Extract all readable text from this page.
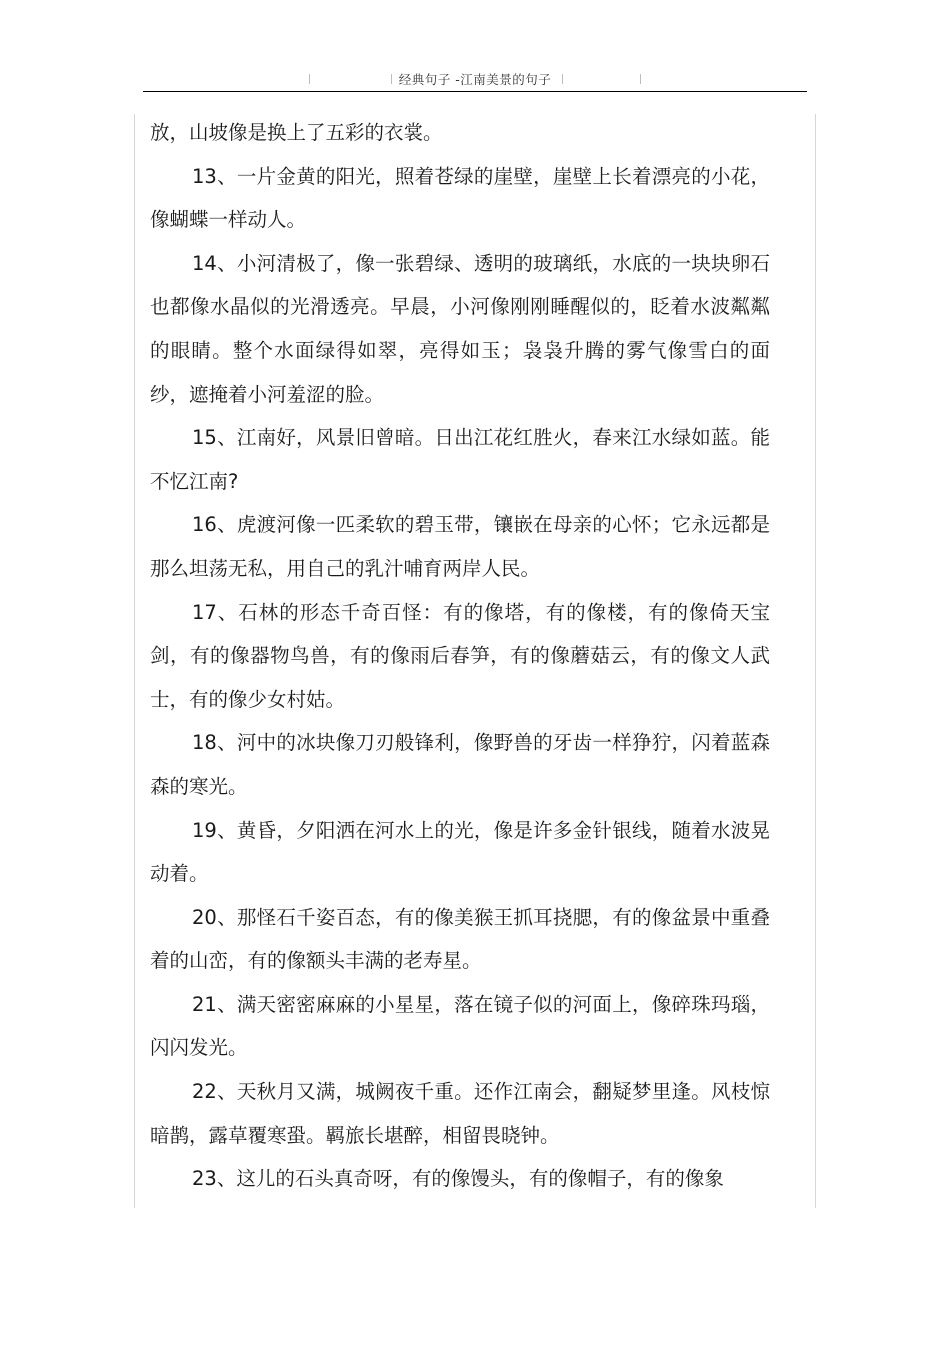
经典句子 -江南美景的句子

放，山坡像是换上了五彩的衣裳。

13、一片金黄的阳光，照着苍绿的崖壁，崖壁上长着漂亮的小花，像蝴蝶一样动人。

14、小河清极了，像一张碧绿、透明的玻璃纸，水底的一块块卵石也都像水晶似的光滑透亮。早晨，小河像刚刚睡醒似的，眨着水波粼粼的眼睛。整个水面绿得如翠，亮得如玉；袅袅升腾的雾气像雪白的面纱，遮掩着小河羞涩的脸。

15、江南好，风景旧曾暗。日出江花红胜火，春来江水绿如蓝。能不忆江南?

16、虎渡河像一匹柔软的碧玉带，镶嵌在母亲的心怀；它永远都是那么坦荡无私，用自己的乳汁哺育两岸人民。

17、石林的形态千奇百怪：有的像塔，有的像楼，有的像倚天宝剑，有的像器物鸟兽，有的像雨后春笋，有的像蘑菇云，有的像文人武士，有的像少女村姑。

18、河中的冰块像刀刃般锋利，像野兽的牙齿一样狰狞，闪着蓝森森的寒光。

19、黄昏，夕阳洒在河水上的光，像是许多金针银线，随着水波晃动着。

20、那怪石千姿百态，有的像美猴王抓耳挠腮，有的像盆景中重叠着的山峦，有的像额头丰满的老寿星。

21、满天密密麻麻的小星星，落在镜子似的河面上，像碎珠玛瑙，闪闪发光。

22、天秋月又满，城阙夜千重。还作江南会，翻疑梦里逢。风枝惊暗鹊，露草覆寒蛩。羁旅长堪醉，相留畏晓钟。

23、这儿的石头真奇呀，有的像馒头，有的像帽子，有的像象
